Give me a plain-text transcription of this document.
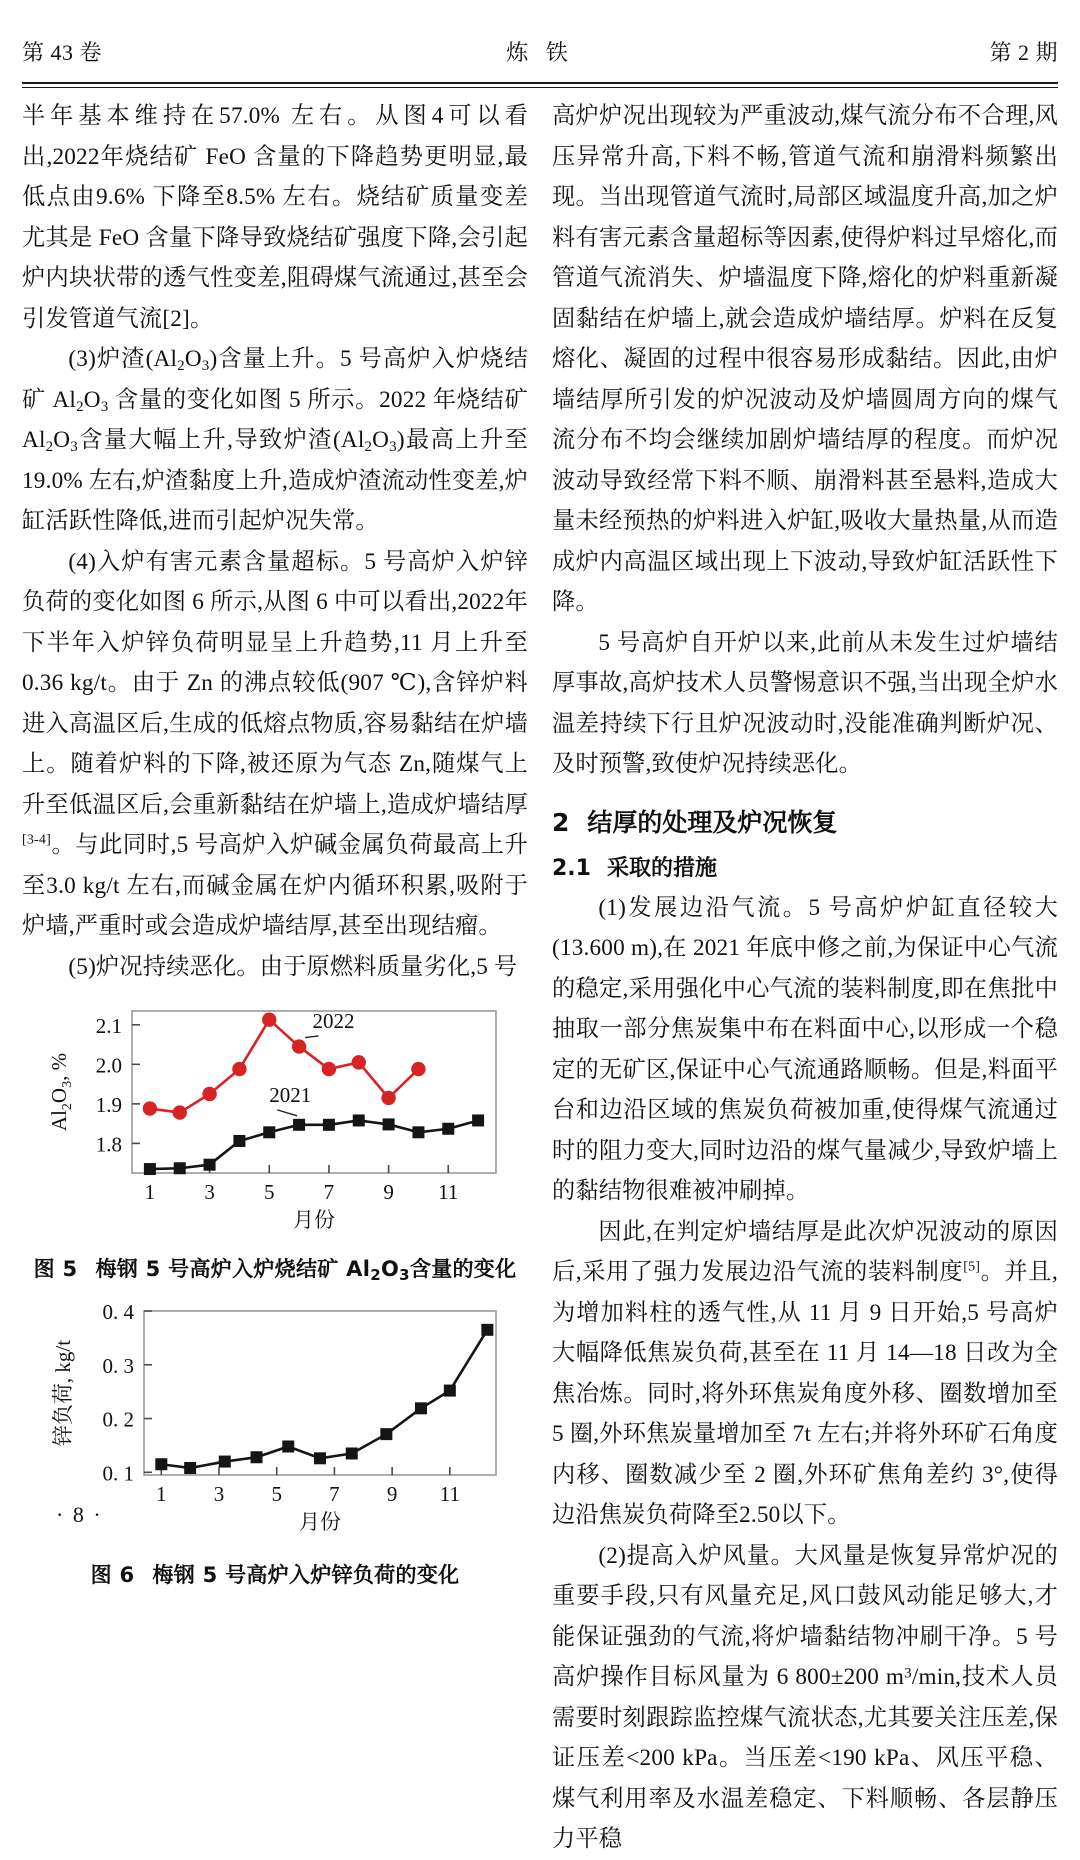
第 43 卷	炼 铁	第 2 期

半年基本维持在57.0% 左右。从图4可以看出,2022年烧结矿 FeO 含量的下降趋势更明显,最低点由9.6% 下降至8.5% 左右。烧结矿质量变差尤其是 FeO 含量下降导致烧结矿强度下降,会引起炉内块状带的透气性变差,阻碍煤气流通过,甚至会引发管道气流[2]。

(3)炉渣(Al2O3)含量上升。5 号高炉入炉烧结矿 Al2O3 含量的变化如图 5 所示。2022 年烧结矿 Al2O3含量大幅上升,导致炉渣(Al2O3)最高上升至19.0% 左右,炉渣黏度上升,造成炉渣流动性变差,炉缸活跃性降低,进而引起炉况失常。

(4)入炉有害元素含量超标。5 号高炉入炉锌负荷的变化如图 6 所示,从图 6 中可以看出,2022年下半年入炉锌负荷明显呈上升趋势,11 月上升至0.36 kg/t。由于 Zn 的沸点较低(907 ℃),含锌炉料进入高温区后,生成的低熔点物质,容易黏结在炉墙上。随着炉料的下降,被还原为气态 Zn,随煤气上升至低温区后,会重新黏结在炉墙上,造成炉墙结厚[3-4]。与此同时,5 号高炉入炉碱金属负荷最高上升至3.0 kg/t 左右,而碱金属在炉内循环积累,吸附于炉墙,严重时或会造成炉墙结厚,甚至出现结瘤。

(5)炉况持续恶化。由于原燃料质量劣化,5 号

1.8
1.9
2.0
2.1
1 3 5 7 9 11
月份
$Al_2O_3$, %
2022
2021
图 5 梅钢 5 号高炉入炉烧结矿 Al2O3含量的变化
0. 1
0. 2
0. 3
0. 4
1 3 5 7 9 11
月份
锌负荷, kg/t
图 6 梅钢 5 号高炉入炉锌负荷的变化
· 8 ·

高炉炉况出现较为严重波动,煤气流分布不合理,风压异常升高,下料不畅,管道气流和崩滑料频繁出现。当出现管道气流时,局部区域温度升高,加之炉料有害元素含量超标等因素,使得炉料过早熔化,而管道气流消失、炉墙温度下降,熔化的炉料重新凝固黏结在炉墙上,就会造成炉墙结厚。炉料在反复熔化、凝固的过程中很容易形成黏结。因此,由炉墙结厚所引发的炉况波动及炉墙圆周方向的煤气流分布不均会继续加剧炉墙结厚的程度。而炉况波动导致经常下料不顺、崩滑料甚至悬料,造成大量未经预热的炉料进入炉缸,吸收大量热量,从而造成炉内高温区域出现上下波动,导致炉缸活跃性下降。

5 号高炉自开炉以来,此前从未发生过炉墙结厚事故,高炉技术人员警惕意识不强,当出现全炉水温差持续下行且炉况波动时,没能准确判断炉况、及时预警,致使炉况持续恶化。

2 结厚的处理及炉况恢复
2.1 采取的措施

(1)发展边沿气流。5 号高炉炉缸直径较大(13.600 m),在 2021 年底中修之前,为保证中心气流的稳定,采用强化中心气流的装料制度,即在焦批中抽取一部分焦炭集中布在料面中心,以形成一个稳定的无矿区,保证中心气流通路顺畅。但是,料面平台和边沿区域的焦炭负荷被加重,使得煤气流通过时的阻力变大,同时边沿的煤气量减少,导致炉墙上的黏结物很难被冲刷掉。

因此,在判定炉墙结厚是此次炉况波动的原因后,采用了强力发展边沿气流的装料制度[5]。并且,为增加料柱的透气性,从 11 月 9 日开始,5 号高炉大幅降低焦炭负荷,甚至在 11 月 14—18 日改为全焦冶炼。同时,将外环焦炭角度外移、圈数增加至5 圈,外环焦炭量增加至 7t 左右;并将外环矿石角度内移、圈数减少至 2 圈,外环矿焦角差约 3°,使得边沿焦炭负荷降至2.50以下。

(2)提高入炉风量。大风量是恢复异常炉况的重要手段,只有风量充足,风口鼓风动能足够大,才能保证强劲的气流,将炉墙黏结物冲刷干净。5 号高炉操作目标风量为 6 800±200 $m^3/\min$,技术人员需要时刻跟踪监控煤气流状态,尤其要关注压差,保证压差<200 kPa。当压差<190 kPa、风压平稳、煤气利用率及水温差稳定、下料顺畅、各层静压力平稳
